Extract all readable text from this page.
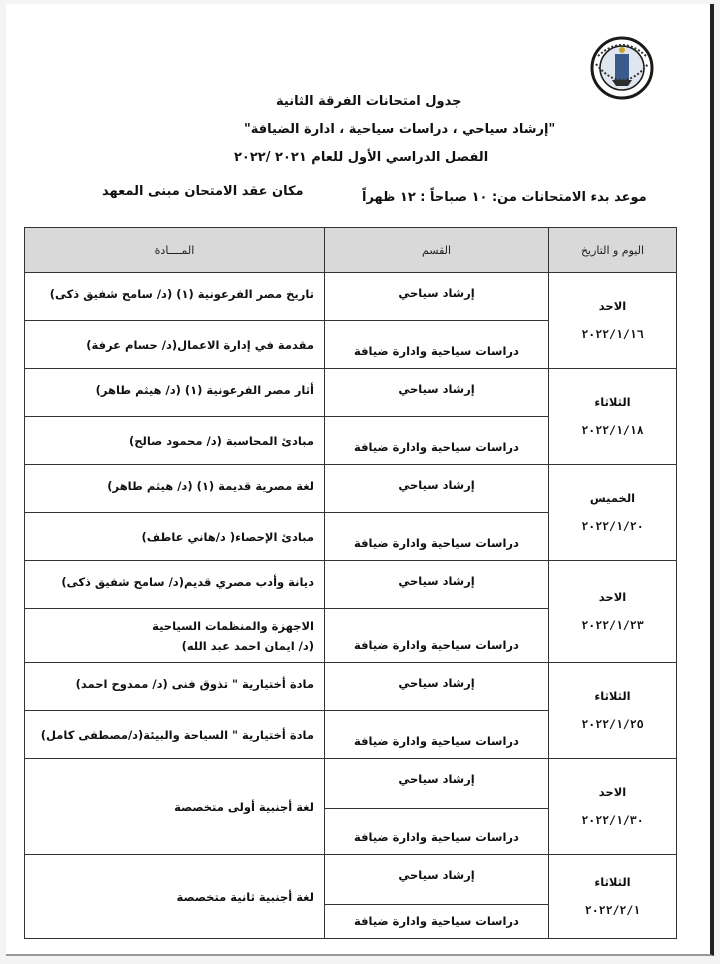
جدول امتحانات الفرقة الثانية
"إرشاد سياحي ، دراسات سياحية ، ادارة الضيافة"
الفصل الدراسي الأول للعام ٢٠٢١ /٢٠٢٢
مكان عقد الامتحان مبنى المعهد	موعد بدء الامتحانات من: ١٠ صباحاً : ١٢ ظهراً
اليوم و التاريخ	القسم	المــــادة

الاحد
٢٠٢٢/١/١٦	إرشاد سياحي	تاريخ مصر الفرعونية (١) (د/ سامح شفيق ذكى)
	دراسات سياحية وادارة ضيافة	مقدمة في إدارة الاعمال(د/ حسام عرفة)

الثلاثاء
٢٠٢٢/١/١٨	إرشاد سياحي	أثار مصر الفرعونية (١) (د/ هيثم طاهر)
	دراسات سياحية وادارة ضيافة	مبادئ المحاسبة (د/ محمود صالح)

الخميس
٢٠٢٢/١/٢٠	إرشاد سياحي	لغة مصرية قديمة (١) (د/ هيثم طاهر)
	دراسات سياحية وادارة ضيافة	مبادئ الإحصاء( د/هاني عاطف)

الاحد
٢٠٢٢/١/٢٣	إرشاد سياحي	ديانة وأدب مصري قديم(د/ سامح شفيق ذكى)
	دراسات سياحية وادارة ضيافة	الاجهزة والمنظمات السياحية
(د/ ايمان احمد عبد الله)

الثلاثاء
٢٠٢٢/١/٢٥	إرشاد سياحي	مادة أختيارية " تذوق فنى (د/ ممدوح احمد)
	دراسات سياحية وادارة ضيافة	مادة أختيارية " السياحة والبيئة(د/مصطفى كامل)

الاحد
٢٠٢٢/١/٣٠	إرشاد سياحي	لغة أجنبية أولى متخصصة
	دراسات سياحية وادارة ضيافة	

الثلاثاء
٢٠٢٢/٢/١	إرشاد سياحي	لغة أجنبية ثانية متخصصة
	دراسات سياحية وادارة ضيافة	
